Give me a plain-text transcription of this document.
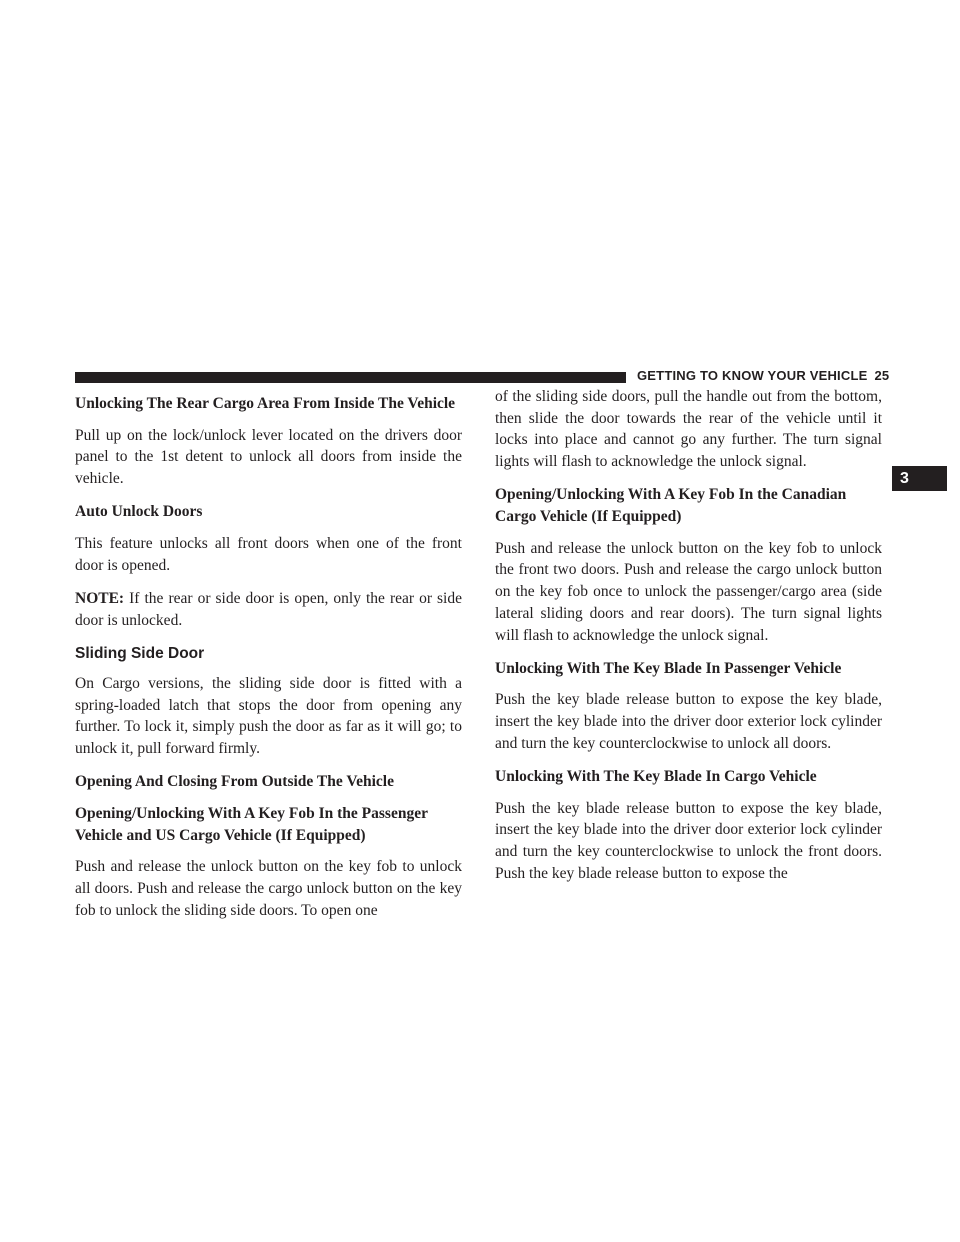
GETTING TO KNOW YOUR VEHICLE 25
3
Unlocking The Rear Cargo Area From Inside The Vehicle

Pull up on the lock/unlock lever located on the drivers door panel to the 1st detent to unlock all doors from inside the vehicle.

Auto Unlock Doors

This feature unlocks all front doors when one of the front door is opened.

NOTE: If the rear or side door is open, only the rear or side door is unlocked.

Sliding Side Door

On Cargo versions, the sliding side door is fitted with a spring-loaded latch that stops the door from opening any further. To lock it, simply push the door as far as it will go; to unlock it, pull forward firmly.

Opening And Closing From Outside The Vehicle
Opening/Unlocking With A Key Fob In the Passenger Vehicle and US Cargo Vehicle (If Equipped)

Push and release the unlock button on the key fob to unlock all doors. Push and release the cargo unlock button on the key fob to unlock the sliding side doors. To open one

of the sliding side doors, pull the handle out from the bottom, then slide the door towards the rear of the vehicle until it locks into place and cannot go any further. The turn signal lights will flash to acknowledge the unlock signal.

Opening/Unlocking With A Key Fob In the Canadian Cargo Vehicle (If Equipped)

Push and release the unlock button on the key fob to unlock the front two doors. Push and release the cargo unlock button on the key fob once to unlock the passenger/cargo area (side lateral sliding doors and rear doors). The turn signal lights will flash to acknowledge the unlock signal.

Unlocking With The Key Blade In Passenger Vehicle

Push the key blade release button to expose the key blade, insert the key blade into the driver door exterior lock cylinder and turn the key counterclockwise to unlock all doors.

Unlocking With The Key Blade In Cargo Vehicle

Push the key blade release button to expose the key blade, insert the key blade into the driver door exterior lock cylinder and turn the key counterclockwise to unlock the front doors. Push the key blade release button to expose the
